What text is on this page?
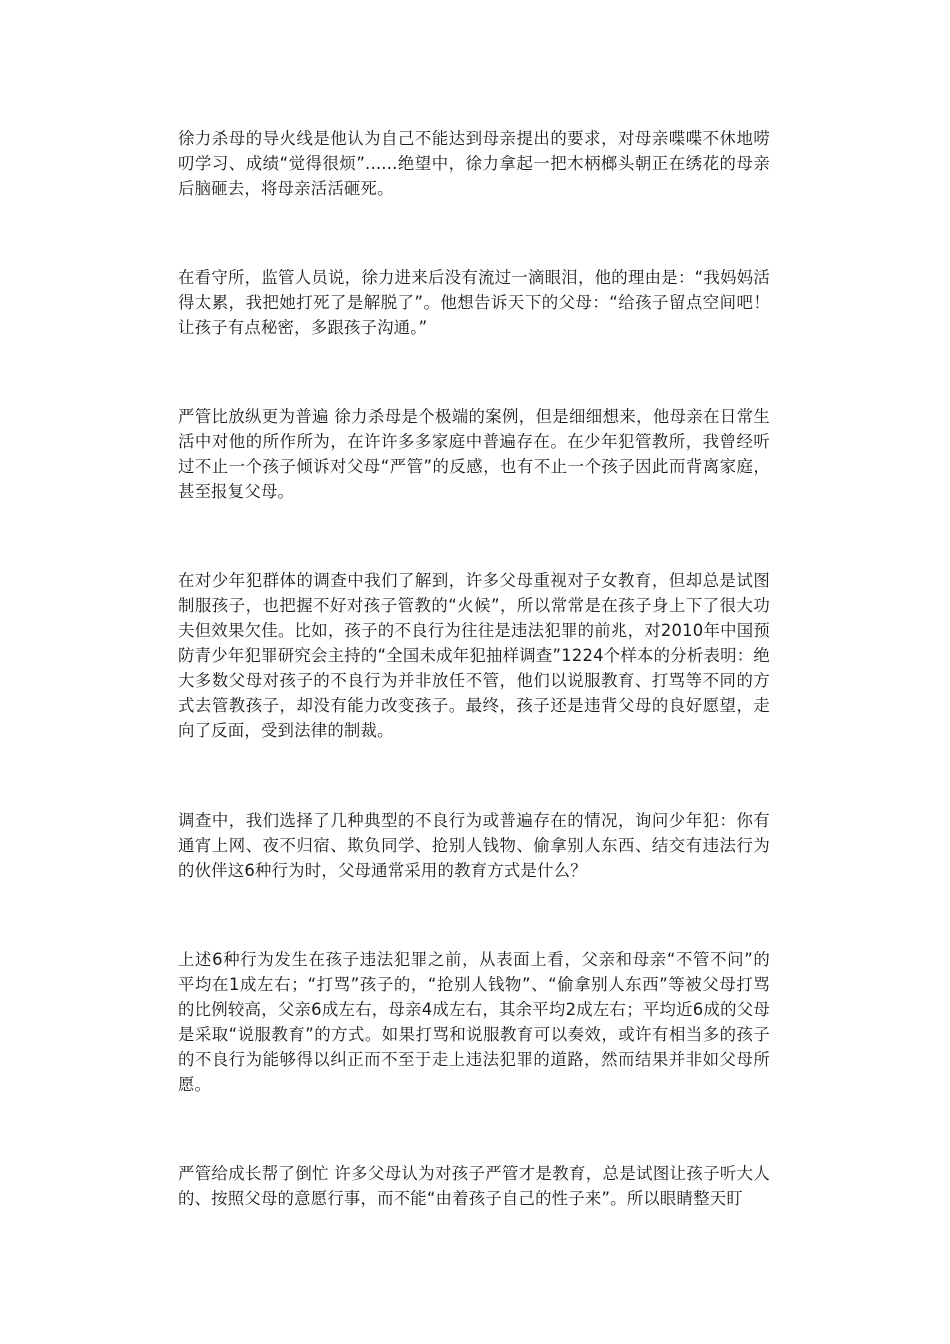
徐力杀母的导火线是他认为自己不能达到母亲提出的要求，对母亲喋喋不休地唠叨学习、成绩“觉得很烦”......绝望中，徐力拿起一把木柄榔头朝正在绣花的母亲后脑砸去，将母亲活活砸死。

在看守所，监管人员说，徐力进来后没有流过一滴眼泪，他的理由是：“我妈妈活得太累，我把她打死了是解脱了”。他想告诉天下的父母：“给孩子留点空间吧！让孩子有点秘密，多跟孩子沟通。”

严管比放纵更为普遍 徐力杀母是个极端的案例，但是细细想来，他母亲在日常生活中对他的所作所为，在许许多多家庭中普遍存在。在少年犯管教所，我曾经听过不止一个孩子倾诉对父母“严管”的反感，也有不止一个孩子因此而背离家庭，甚至报复父母。

在对少年犯群体的调查中我们了解到，许多父母重视对子女教育，但却总是试图制服孩子，也把握不好对孩子管教的“火候”，所以常常是在孩子身上下了很大功夫但效果欠佳。比如，孩子的不良行为往往是违法犯罪的前兆，对2010年中国预防青少年犯罪研究会主持的“全国未成年犯抽样调查”1224个样本的分析表明：绝大多数父母对孩子的不良行为并非放任不管，他们以说服教育、打骂等不同的方式去管教孩子，却没有能力改变孩子。最终，孩子还是违背父母的良好愿望，走向了反面，受到法律的制裁。

调查中，我们选择了几种典型的不良行为或普遍存在的情况，询问少年犯：你有通宵上网、夜不归宿、欺负同学、抢别人钱物、偷拿别人东西、结交有违法行为的伙伴这6种行为时，父母通常采用的教育方式是什么？

上述6种行为发生在孩子违法犯罪之前，从表面上看，父亲和母亲“不管不问”的平均在1成左右；“打骂”孩子的，“抢别人钱物”、“偷拿别人东西”等被父母打骂的比例较高，父亲6成左右，母亲4成左右，其余平均2成左右；平均近6成的父母是采取“说服教育”的方式。如果打骂和说服教育可以奏效，或许有相当多的孩子的不良行为能够得以纠正而不至于走上违法犯罪的道路，然而结果并非如父母所愿。

严管给成长帮了倒忙 许多父母认为对孩子严管才是教育，总是试图让孩子听大人的、按照父母的意愿行事，而不能“由着孩子自己的性子来”。所以眼睛整天盯
